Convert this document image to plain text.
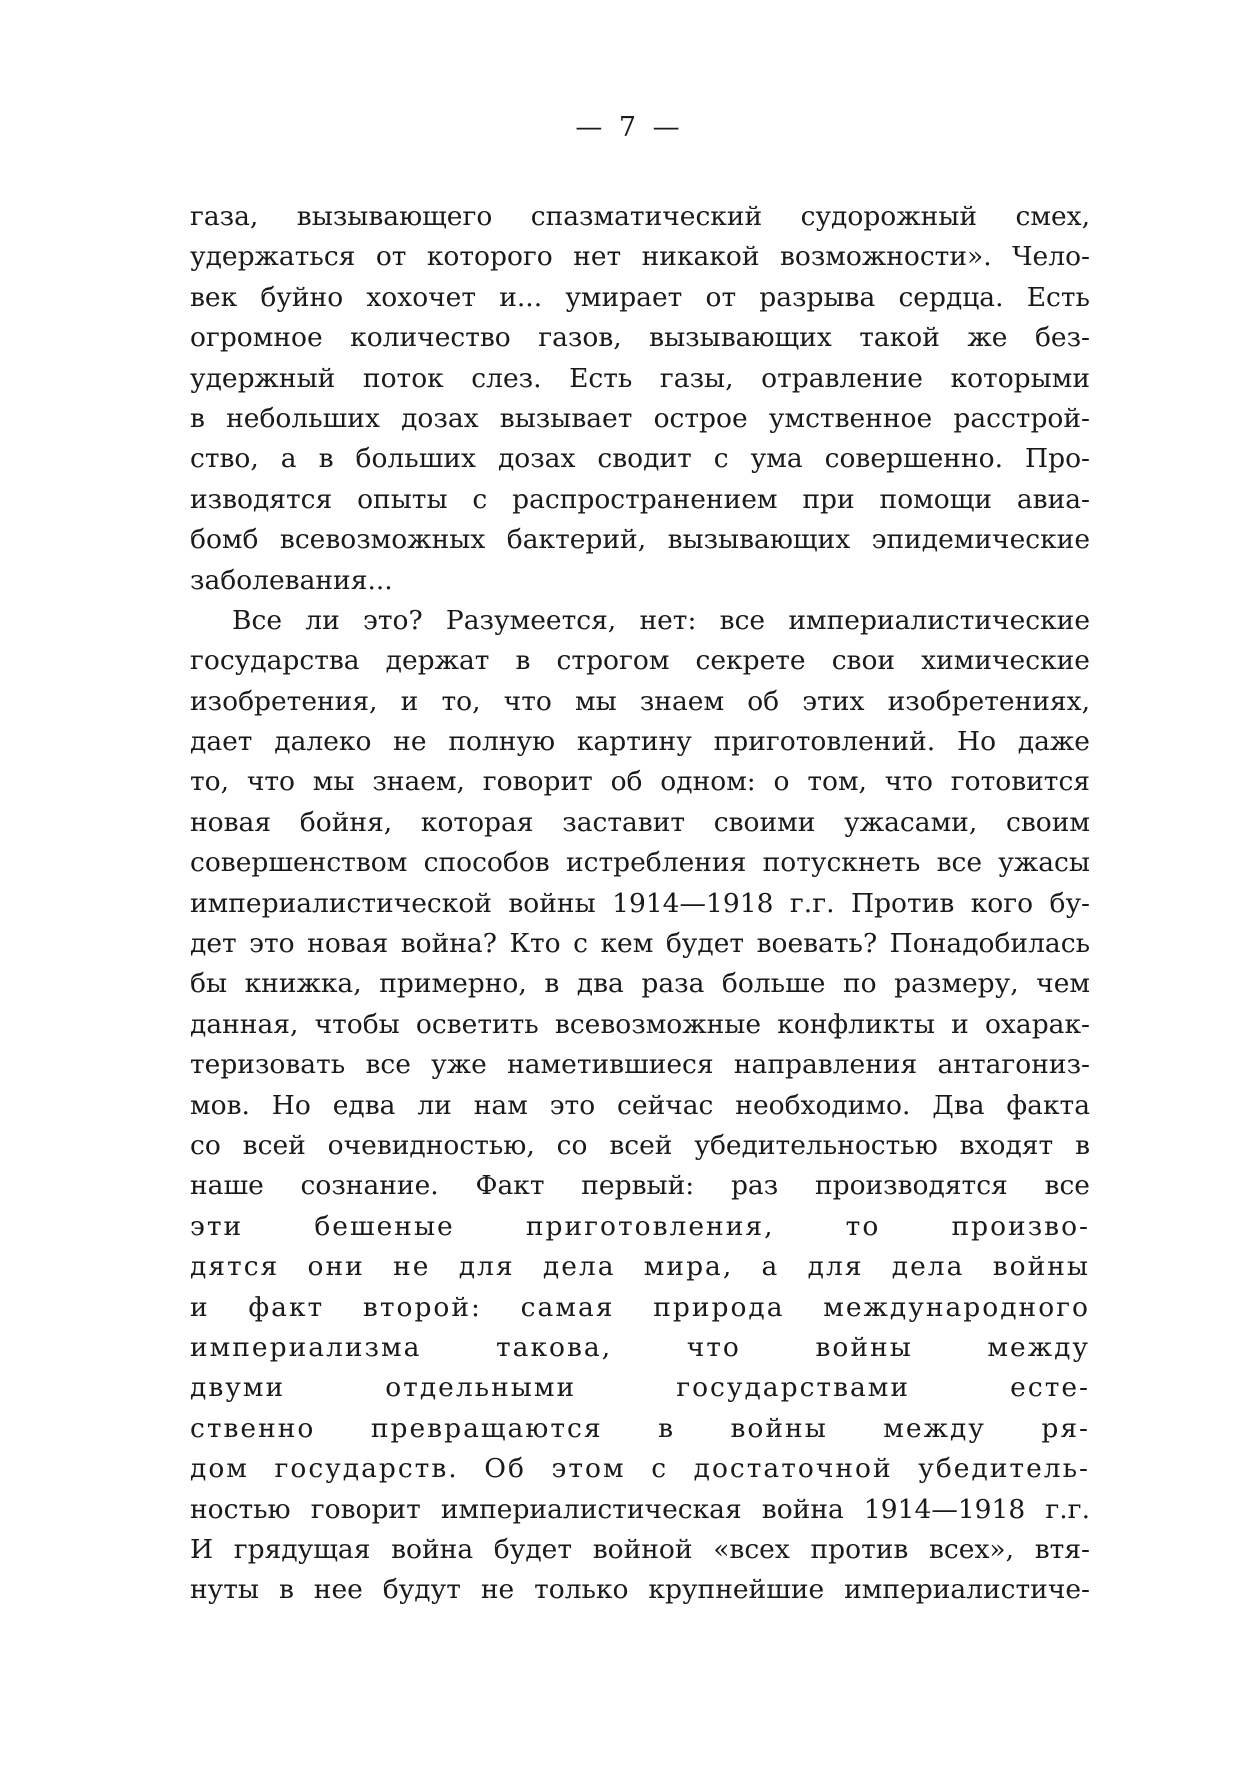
— 7 —
газа, вызывающего спазматический судорожный смех,
удержаться от которого нет никакой возможности». Чело-
век буйно хохочет и... умирает от разрыва сердца. Есть
огромное количество газов, вызывающих такой же без-
удержный поток слез. Есть газы, отравление которыми
в небольших дозах вызывает острое умственное расстрой-
ство, а в больших дозах сводит с ума совершенно. Про-
изводятся опыты с распространением при помощи авиа-
бомб всевозможных бактерий, вызывающих эпидемические
заболевания...
Все ли это? Разумеется, нет: все империалистические
государства держат в строгом секрете свои химические
изобретения, и то, что мы знаем об этих изобретениях,
дает далеко не полную картину приготовлений. Но даже
то, что мы знаем, говорит об одном: о том, что готовится
новая бойня, которая заставит своими ужасами, своим
совершенством способов истребления потускнеть все ужасы
империалистической войны 1914—1918 г.г. Против кого бу-
дет это новая война? Кто с кем будет воевать? Понадобилась
бы книжка, примерно, в два раза больше по размеру, чем
данная, чтобы осветить всевозможные конфликты и охарак-
теризовать все уже наметившиеся направления антагониз-
мов. Но едва ли нам это сейчас необходимо. Два факта
со всей очевидностью, со всей убедительностью входят в
наше сознание. Факт первый: раз производятся все
эти бешеные приготовления, то произво-
дятся они не для дела мира, а для дела войны
и факт второй: самая природа международного
империализма такова, что войны между
двуми отдельными государствами есте-
ственно превращаются в войны между ря-
дом государств. Об этом с достаточной убедитель-
ностью говорит империалистическая война 1914—1918 г.г.
И грядущая война будет войной «всех против всех», втя-
нуты в нее будут не только крупнейшие империалистиче-
